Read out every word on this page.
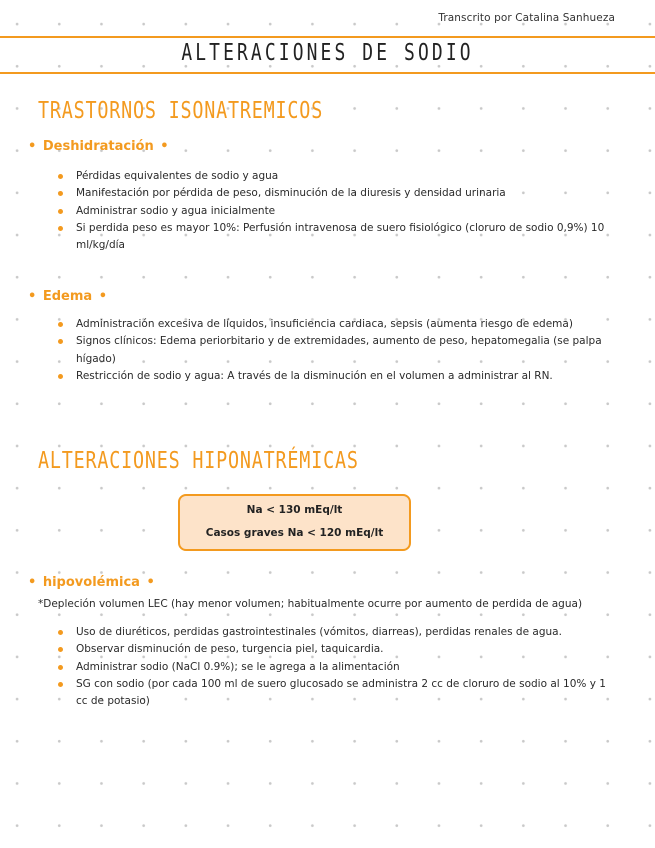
Transcrito por Catalina Sanhueza
ALTERACIONES DE SODIO
TRASTORNOS ISONATREMICOS
• Deshidratación •
Pérdidas equivalentes de sodio y agua
Manifestación por pérdida de peso, disminución de la diuresis y densidad urinaria
Administrar sodio y agua inicialmente
Si perdida peso es mayor 10%: Perfusión intravenosa de suero fisiológico (cloruro de sodio 0,9%) 10 ml/kg/día
• Edema •
Administración excesiva de líquidos, insuficiencia cardiaca, sepsis (aumenta riesgo de edema)
Signos clínicos: Edema periorbitario y de extremidades, aumento de peso, hepatomegalia (se palpa hígado)
Restricción de sodio y agua: A través de la disminución en el volumen a administrar al RN.
ALTERACIONES HIPONATRÉMICAS
Na < 130 mEq/lt
Casos graves Na < 120 mEq/lt
• hipovolémica •
*Depleción volumen LEC (hay menor volumen; habitualmente ocurre por aumento de perdida de agua)
Uso de diuréticos, perdidas gastrointestinales (vómitos, diarreas), perdidas renales de agua.
Observar disminución de peso, turgencia piel, taquicardia.
Administrar sodio (NaCl 0.9%); se le agrega a la alimentación
SG con sodio (por cada 100 ml de suero glucosado se administra 2 cc de cloruro de sodio al 10% y 1 cc de potasio)
